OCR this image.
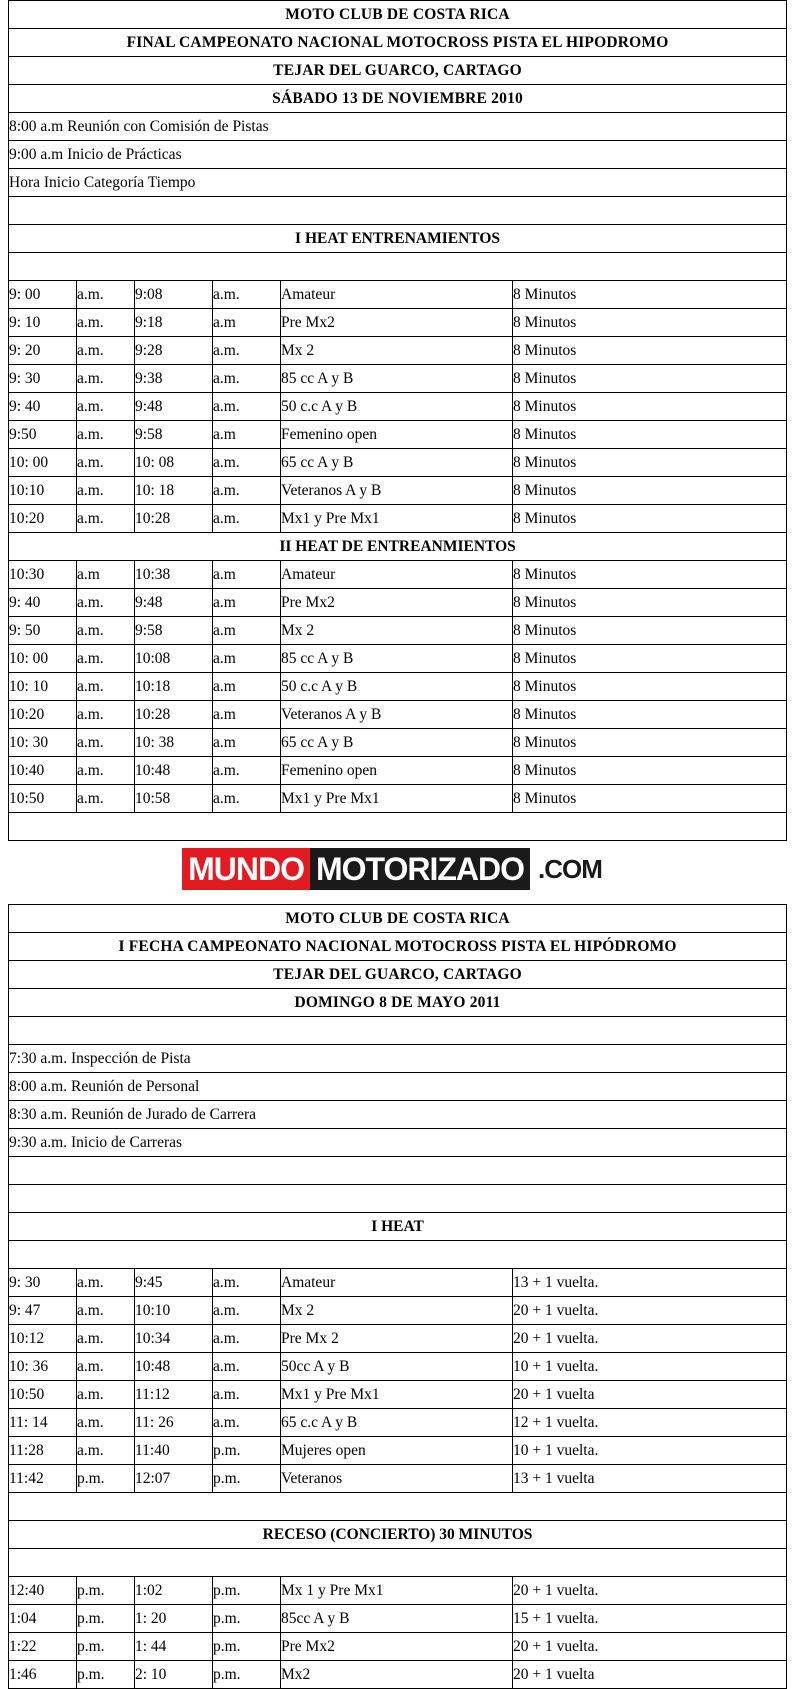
MOTO CLUB DE COSTA RICA					
FINAL CAMPEONATO NACIONAL MOTOCROSS PISTA EL HIPODROMO					
TEJAR DEL GUARCO, CARTAGO					
SÁBADO 13 DE NOVIEMBRE 2010					
8:00 a.m Reunión con Comisión de Pistas					
9:00 a.m Inicio de Prácticas					
Hora Inicio Categoría Tiempo					

I HEAT ENTRENAMIENTOS					

9: 00	a.m.	9:08	a.m.	Amateur	8 Minutos
9: 10	a.m.	9:18	a.m	Pre Mx2	8 Minutos
9: 20	a.m.	9:28	a.m.	Mx 2	8 Minutos
9: 30	a.m.	9:38	a.m.	85 cc A y B	8 Minutos
9: 40	a.m.	9:48	a.m.	50 c.c A y B	8 Minutos
9:50	a.m.	9:58	a.m	Femenino open	8 Minutos
10: 00	a.m.	10: 08	a.m.	65 cc A y B	8 Minutos
10:10	a.m.	10: 18	a.m.	Veteranos A y B	8 Minutos
10:20	a.m.	10:28	a.m.	Mx1 y Pre Mx1	8 Minutos
II HEAT DE ENTREANMIENTOS					
10:30	a.m	10:38	a.m	Amateur	8 Minutos
9: 40	a.m.	9:48	a.m	Pre Mx2	8 Minutos
9: 50	a.m.	9:58	a.m	Mx 2	8 Minutos
10: 00	a.m.	10:08	a.m	85 cc A y B	8 Minutos
10: 10	a.m.	10:18	a.m	50 c.c A y B	8 Minutos
10:20	a.m.	10:28	a.m	Veteranos A y B	8 Minutos
10: 30	a.m.	10: 38	a.m	65 cc A y B	8 Minutos
10:40	a.m.	10:48	a.m.	Femenino open	8 Minutos
10:50	a.m.	10:58	a.m.	Mx1 y Pre Mx1	8 Minutos

MUNDO MOTORIZADO .COM
MOTO CLUB DE COSTA RICA					
I FECHA CAMPEONATO NACIONAL MOTOCROSS PISTA EL HIPÓDROMO					
TEJAR DEL GUARCO, CARTAGO					
DOMINGO 8 DE MAYO 2011					

7:30 a.m. Inspección de Pista					
8:00 a.m. Reunión de Personal					
8:30 a.m. Reunión de Jurado de Carrera					
9:30 a.m. Inicio de Carreras					

I HEAT					

9: 30	a.m.	9:45	a.m.	Amateur	13 + 1 vuelta.
9: 47	a.m.	10:10	a.m.	Mx 2	20 + 1 vuelta.
10:12	a.m.	10:34	a.m.	Pre Mx 2	20 + 1 vuelta.
10: 36	a.m.	10:48	a.m.	50cc A y B	10 + 1 vuelta.
10:50	a.m.	11:12	a.m.	Mx1 y Pre Mx1	20 + 1 vuelta
11: 14	a.m.	11: 26	a.m.	65 c.c A y B	12 + 1 vuelta.
11:28	a.m.	11:40	p.m.	Mujeres open	10 + 1 vuelta.
11:42	p.m.	12:07	p.m.	Veteranos	13 + 1 vuelta

RECESO (CONCIERTO) 30 MINUTOS					

12:40	p.m.	1:02	p.m.	Mx 1 y Pre Mx1	20 + 1 vuelta.
1:04	p.m.	1: 20	p.m.	85cc A y B	15 + 1 vuelta.
1:22	p.m.	1: 44	p.m.	Pre Mx2	20 + 1 vuelta.
1:46	p.m.	2: 10	p.m.	Mx2	20 + 1 vuelta
